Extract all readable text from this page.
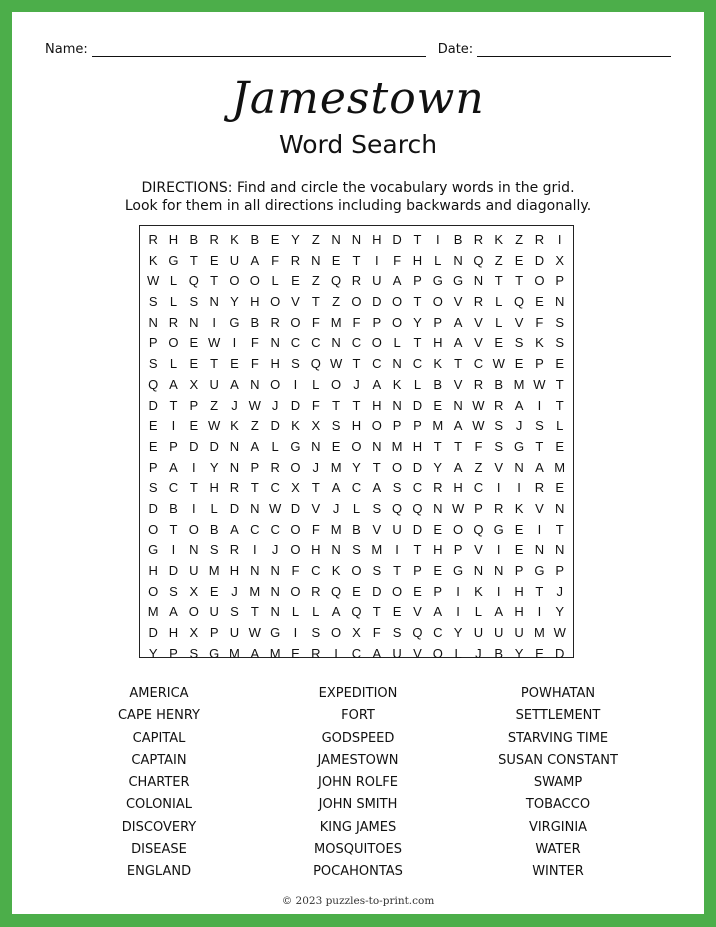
Name:	Date:
Jamestown
Word Search
DIRECTIONS: Find and circle the vocabulary words in the grid.
Look for them in all directions including backwards and diagonally.
R H B R K B E Y Z N N H D T	I	B R K Z R	I
K G T E U A F R N E T	I	F H L N Q Z E D X
W L Q T O O L E Z Q R U A P G G N T T O P
S L S N Y H O V T Z O D O T O V R L Q E N
N R N	I	G B R O F M F P O Y P A V L V F S
P O E W I	F N C C N C O L T H A V E S K S
S L E T E F H S Q W T C N C K T C W E P E
Q A X U A N O	I	L O J A K L B V R B M W T
D T P Z	J W J D F T T H N D E N W R A	I	T
E	I	E W K Z D K X S H O P P M A W S J S L
E P D D N A L G N E O N M H T T F S G T E
P A	I	Y N P R O J M Y T O D Y A Z V N A M
S C T H R T C X T A C A S C R H C	I	I	R E
D B	I	L D N W D V J	L S Q Q N W P R K V N
O T O B A C C O F M B V U D E O Q G E	I	T
G	I	N S R	I	J O H N S M	I	T H P V	I	E N N
H D U M H N N F C K O S T P E G N N P G P
O S X E J M N O R Q E D O E P	I	K	I	H T	J
M A O U S T N L	L A Q T E V A	I	L A H	I	Y
D H X P U W G	I	S O X F S Q C Y U U U M W
Y P S G M A M E R	I	C A U V O L	J B Y E D
AMERICA
CAPE HENRY
CAPITAL
CAPTAIN
CHARTER
COLONIAL
DISCOVERY
DISEASE
ENGLAND
EXPEDITION
FORT
GODSPEED
JAMESTOWN
JOHN ROLFE
JOHN SMITH
KING JAMES
MOSQUITOES
POCAHONTAS
POWHATAN
SETTLEMENT
STARVING TIME
SUSAN CONSTANT
SWAMP
TOBACCO
VIRGINIA
WATER
WINTER
© 2023 puzzles-to-print.com
